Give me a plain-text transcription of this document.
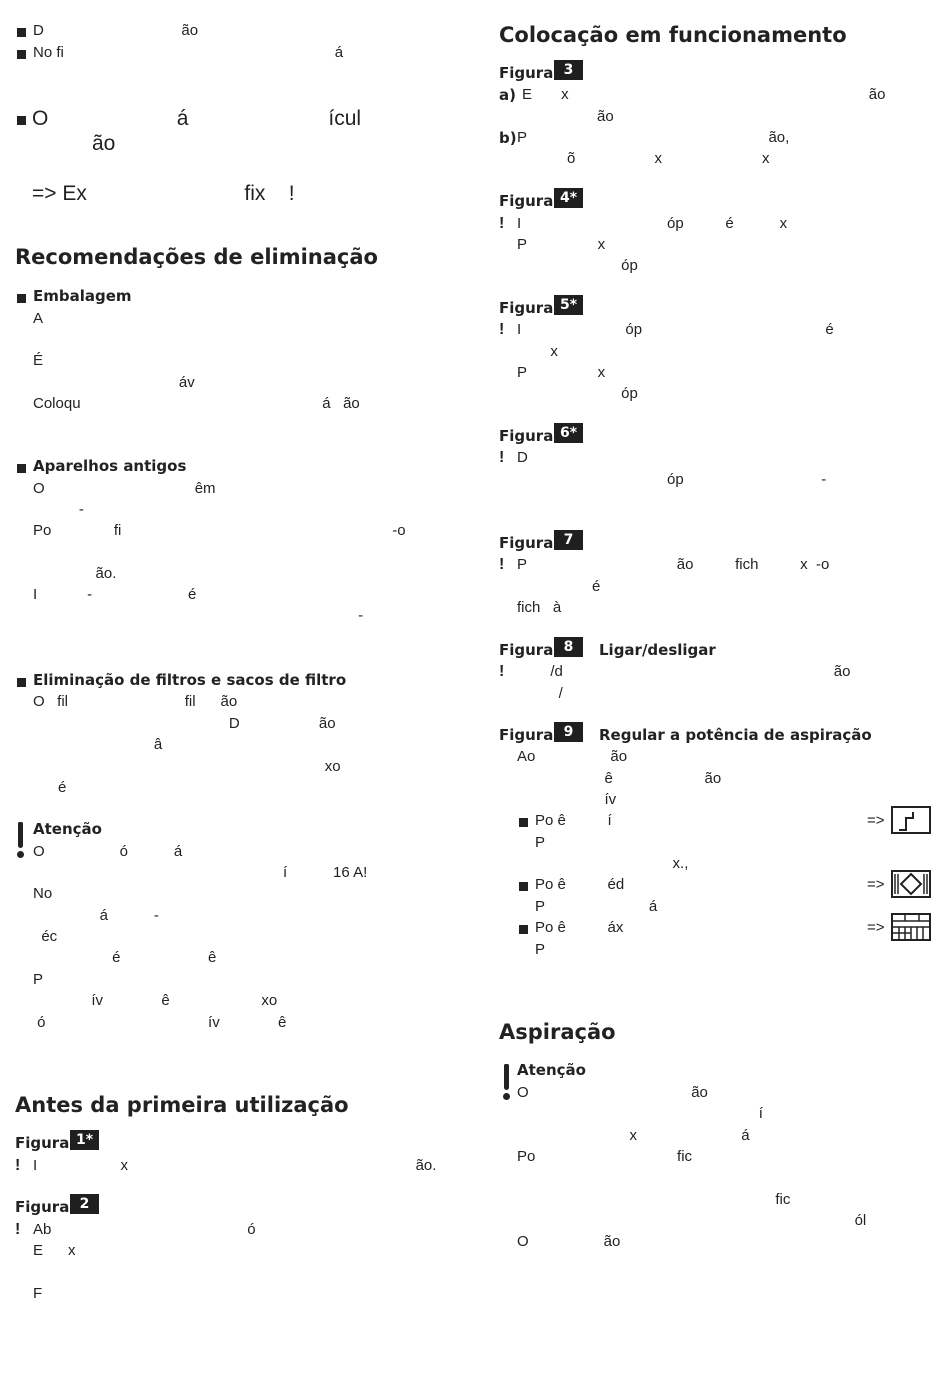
D                                 ão
No fi                                                                 á
O                      á                        ícul
ão
=> Ex                           fix    !
Recomendações de eliminação
Embalagem
A
É
áv
Coloqu                                                          á   ão
Aparelhos antigos
O                                    êm
-
Po               fi                                                                 -o
ão.
I            -                       é
-
Eliminação de filtros e sacos de filtro
O   fil                            fil      ão
D                   ão
â
xo
é
Atenção
O                  ó           á
í           16 A!
No
á           -
éc
é                     ê
P
ív              ê                      xo
ó                                       ív              ê
Antes da primeira utilização
Figura 1*
! I                    x                                                                     ão.
Figura 2
! Ab                                               ó
E      x
F
Colocação em funcionamento
Figura 3
a) E       x                                                                        ão
ão
b) P                                                          ão,
õ                   x                        x
Figura 4*
! I                                   óp          é           x
P                 x
óp
Figura 5*
! I                         óp                                            é
x
P                 x
óp
Figura 6*
! D
óp                                 -
Figura 7
! P                                    ão          fich          x  -o
é
fich   à
Figura 8	Ligar/desligar
! /d                                                                 ão
/
Figura 9	Regular a potência de aspiração
Ao                  ão
ê                      ão
ív
Po ê          í
P
x.,
=>
Po ê          éd
P                         á
=>
Po ê          áx
P
=>
Aspiração
Atenção
O                                       ão
í
x                         á
Po                                  fic
fic
ól
O                  ão
